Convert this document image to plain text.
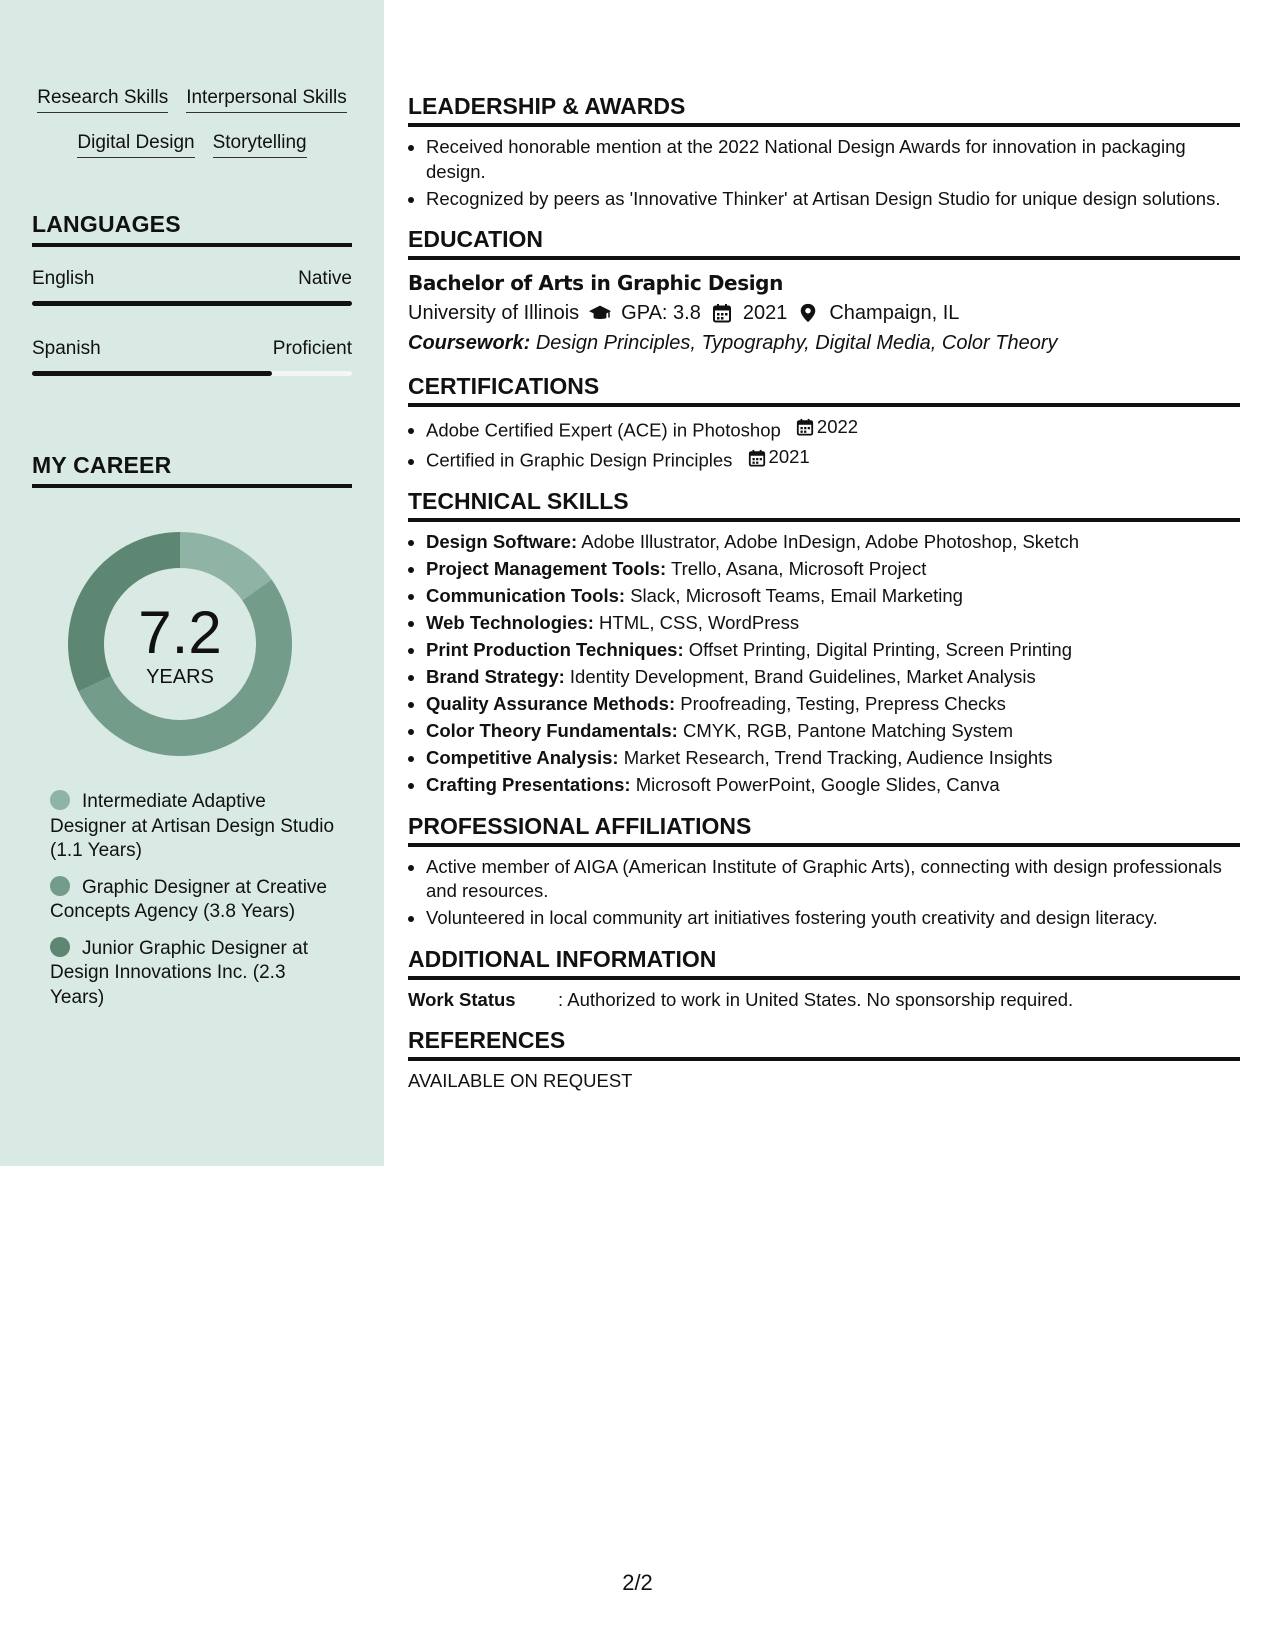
Research Skills Interpersonal Skills
Digital Design Storytelling
LANGUAGES
English	Native
Spanish	Proficient
MY CAREER
7.2
YEARS
Intermediate Adaptive Designer at Artisan Design Studio (1.1 Years)
Graphic Designer at Creative Concepts Agency (3.8 Years)
Junior Graphic Designer at Design Innovations Inc. (2.3 Years)
LEADERSHIP & AWARDS
• Received honorable mention at the 2022 National Design Awards for innovation in packaging design.
• Recognized by peers as 'Innovative Thinker' at Artisan Design Studio for unique design solutions.
EDUCATION
Bachelor of Arts in Graphic Design
University of Illinois GPA: 3.8 2021 Champaign, IL
Coursework: Design Principles, Typography, Digital Media, Color Theory
CERTIFICATIONS
• Adobe Certified Expert (ACE) in Photoshop 2022
• Certified in Graphic Design Principles 2021
TECHNICAL SKILLS
• Design Software: Adobe Illustrator, Adobe InDesign, Adobe Photoshop, Sketch
• Project Management Tools: Trello, Asana, Microsoft Project
• Communication Tools: Slack, Microsoft Teams, Email Marketing
• Web Technologies: HTML, CSS, WordPress
• Print Production Techniques: Offset Printing, Digital Printing, Screen Printing
• Brand Strategy: Identity Development, Brand Guidelines, Market Analysis
• Quality Assurance Methods: Proofreading, Testing, Prepress Checks
• Color Theory Fundamentals: CMYK, RGB, Pantone Matching System
• Competitive Analysis: Market Research, Trend Tracking, Audience Insights
• Crafting Presentations: Microsoft PowerPoint, Google Slides, Canva
PROFESSIONAL AFFILIATIONS
• Active member of AIGA (American Institute of Graphic Arts), connecting with design professionals and resources.
• Volunteered in local community art initiatives fostering youth creativity and design literacy.
ADDITIONAL INFORMATION
Work Status	: Authorized to work in United States. No sponsorship required.
REFERENCES
AVAILABLE ON REQUEST
2/2
